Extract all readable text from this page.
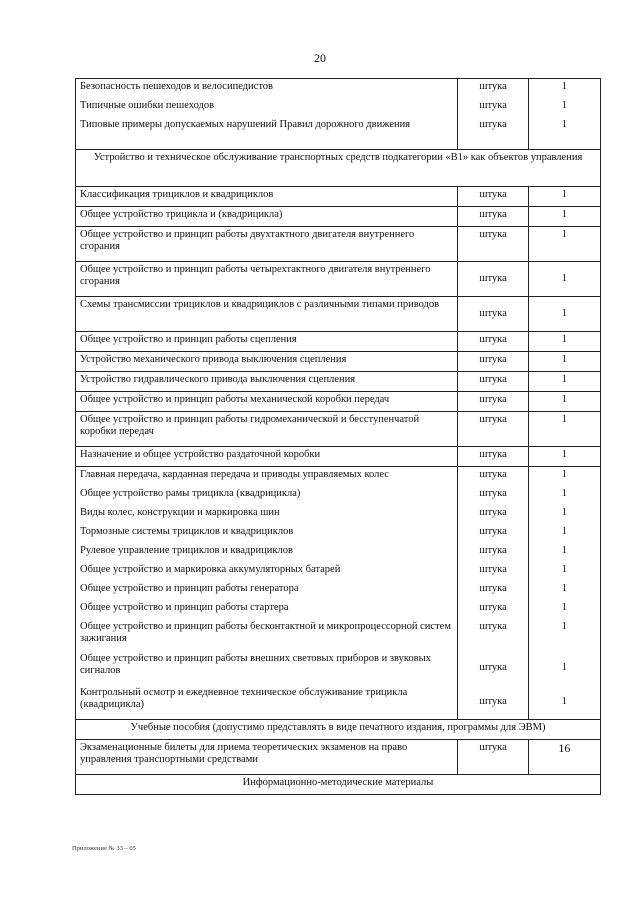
20
Безопасность пешеходов и велосипедистов	штука	1
Типичные ошибки пешеходов	штука	1
Типовые примеры допускаемых нарушений Правил дорожного движения	штука	1
Устройство и техническое обслуживание транспортных средств подкатегории «В1» как объектов управления		
Классификация трициклов и квадрициклов	штука	1
Общее устройство трицикла и (квадрицикла)	штука	1
Общее устройство и принцип работы двухтактного двигателя внутреннего сгорания	штука	1
Общее устройство и принцип работы четырехтактного двигателя внутреннего сгорания	штука	1
Схемы трансмиссии трициклов и квадрициклов с различными типами приводов	штука	1
Общее устройство и принцип работы сцепления	штука	1
Устройство механического привода выключения сцепления	штука	1
Устройство гидравлического привода выключения сцепления	штука	1
Общее устройство и принцип работы механической коробки передач	штука	1
Общее устройство и принцип работы гидромеханической и бесступенчатой коробки передач	штука	1
Назначение и общее устройство раздаточной коробки	штука	1
Главная передача, карданная передача и приводы управляемых колес	штука	1
Общее устройство рамы трицикла (квадрицикла)	штука	1
Виды колес, конструкции и маркировка шин	штука	1
Тормозные системы трициклов и квадрициклов	штука	1
Рулевое управление трициклов и квадрициклов	штука	1
Общее устройство и маркировка аккумуляторных батарей	штука	1
Общее устройство и принцип работы генератора	штука	1
Общее устройство и принцип работы стартера	штука	1
Общее устройство и принцип работы бесконтактной и микропроцессорной систем зажигания	штука	1
Общее устройство и принцип работы внешних световых приборов и звуковых сигналов	штука	1
Контрольный осмотр и ежедневное техническое обслуживание трицикла (квадрицикла)	штука	1
Учебные пособия (допустимо представлять в виде печатного издания, программы для ЭВМ)		
Экзаменационные билеты для приема теоретических экзаменов на право управления транспортными средствами	штука	16
Информационно-методические материалы		
Приложение № 33 – 05
